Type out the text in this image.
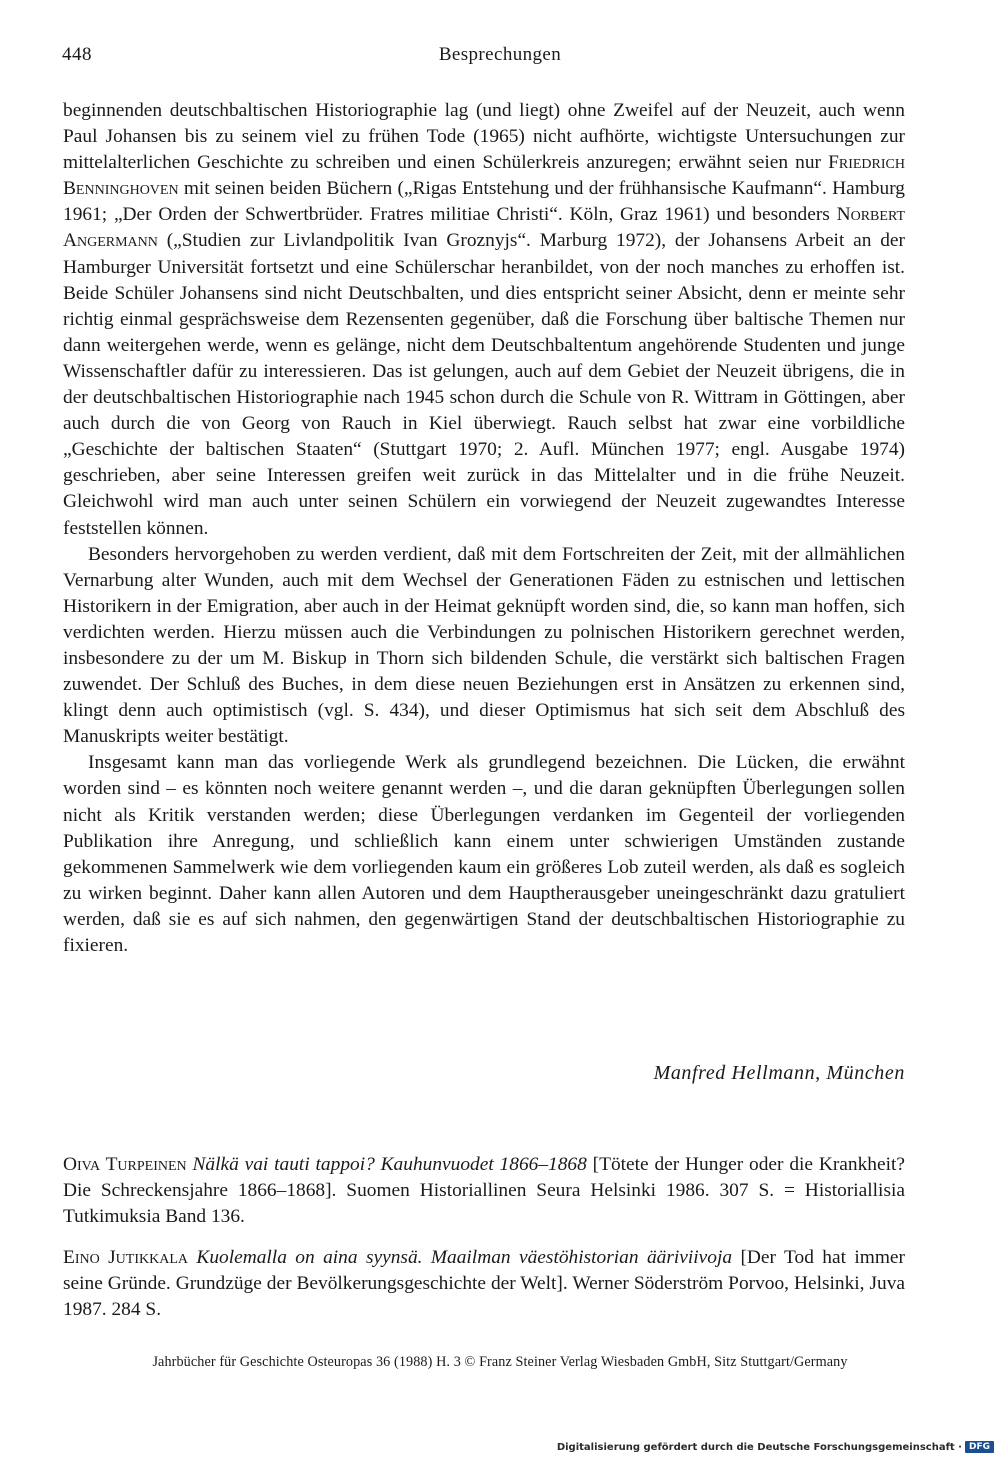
448	Besprechungen

beginnenden deutschbaltischen Historiographie lag (und liegt) ohne Zweifel auf der Neuzeit, auch wenn Paul Johansen bis zu seinem viel zu frühen Tode (1965) nicht aufhörte, wichtigste Untersuchungen zur mittelalterlichen Geschichte zu schreiben und einen Schülerkreis anzuregen; erwähnt seien nur Friedrich Benninghoven mit seinen beiden Büchern („Rigas Entstehung und der frühhansische Kaufmann“. Hamburg 1961; „Der Orden der Schwertbrüder. Fratres militiae Christi“. Köln, Graz 1961) und besonders Norbert Angermann („Studien zur Livlandpolitik Ivan Groznyjs“. Marburg 1972), der Johansens Arbeit an der Hamburger Universität fortsetzt und eine Schülerschar heranbildet, von der noch manches zu erhoffen ist. Beide Schüler Johansens sind nicht Deutschbalten, und dies entspricht seiner Absicht, denn er meinte sehr richtig einmal gesprächsweise dem Rezensenten gegenüber, daß die Forschung über baltische Themen nur dann weitergehen werde, wenn es gelänge, nicht dem Deutschbaltentum angehörende Studenten und junge Wissenschaftler dafür zu interessieren. Das ist gelungen, auch auf dem Gebiet der Neuzeit übrigens, die in der deutschbaltischen Historiographie nach 1945 schon durch die Schule von R. Wittram in Göttingen, aber auch durch die von Georg von Rauch in Kiel überwiegt. Rauch selbst hat zwar eine vorbildliche „Geschichte der baltischen Staaten“ (Stuttgart 1970; 2. Aufl. München 1977; engl. Ausgabe 1974) geschrieben, aber seine Interessen greifen weit zurück in das Mittelalter und in die frühe Neuzeit. Gleichwohl wird man auch unter seinen Schülern ein vorwiegend der Neuzeit zugewandtes Interesse feststellen können.

Besonders hervorgehoben zu werden verdient, daß mit dem Fortschreiten der Zeit, mit der allmählichen Vernarbung alter Wunden, auch mit dem Wechsel der Generationen Fäden zu estnischen und lettischen Historikern in der Emigration, aber auch in der Heimat geknüpft worden sind, die, so kann man hoffen, sich verdichten werden. Hierzu müssen auch die Verbindungen zu polnischen Historikern gerechnet werden, insbesondere zu der um M. Biskup in Thorn sich bildenden Schule, die verstärkt sich baltischen Fragen zuwendet. Der Schluß des Buches, in dem diese neuen Beziehungen erst in Ansätzen zu erkennen sind, klingt denn auch optimistisch (vgl. S. 434), und dieser Optimismus hat sich seit dem Abschluß des Manuskripts weiter bestätigt.

Insgesamt kann man das vorliegende Werk als grundlegend bezeichnen. Die Lücken, die erwähnt worden sind – es könnten noch weitere genannt werden –, und die daran geknüpften Überlegungen sollen nicht als Kritik verstanden werden; diese Überlegungen verdanken im Gegenteil der vorliegenden Publikation ihre Anregung, und schließlich kann einem unter schwierigen Umständen zustande gekommenen Sammelwerk wie dem vorliegenden kaum ein größeres Lob zuteil werden, als daß es sogleich zu wirken beginnt. Daher kann allen Autoren und dem Hauptherausgeber uneingeschränkt dazu gratuliert werden, daß sie es auf sich nahmen, den gegenwärtigen Stand der deutschbaltischen Historiographie zu fixieren.

Manfred Hellmann, München
Oiva Turpeinen Nälkä vai tauti tappoi? Kauhunvuodet 1866–1868 [Tötete der Hunger oder die Krankheit? Die Schreckensjahre 1866–1868]. Suomen Historiallinen Seura Helsinki 1986. 307 S. = Historiallisia Tutkimuksia Band 136.
Eino Jutikkala Kuolemalla on aina syynsä. Maailman väestöhistorian ääriviivoja [Der Tod hat immer seine Gründe. Grundzüge der Bevölkerungsgeschichte der Welt]. Werner Söderström Porvoo, Helsinki, Juva 1987. 284 S.
Jahrbücher für Geschichte Osteuropas 36 (1988) H. 3 © Franz Steiner Verlag Wiesbaden GmbH, Sitz Stuttgart/Germany
Digitalisierung gefördert durch die Deutsche Forschungsgemeinschaft · DFG
